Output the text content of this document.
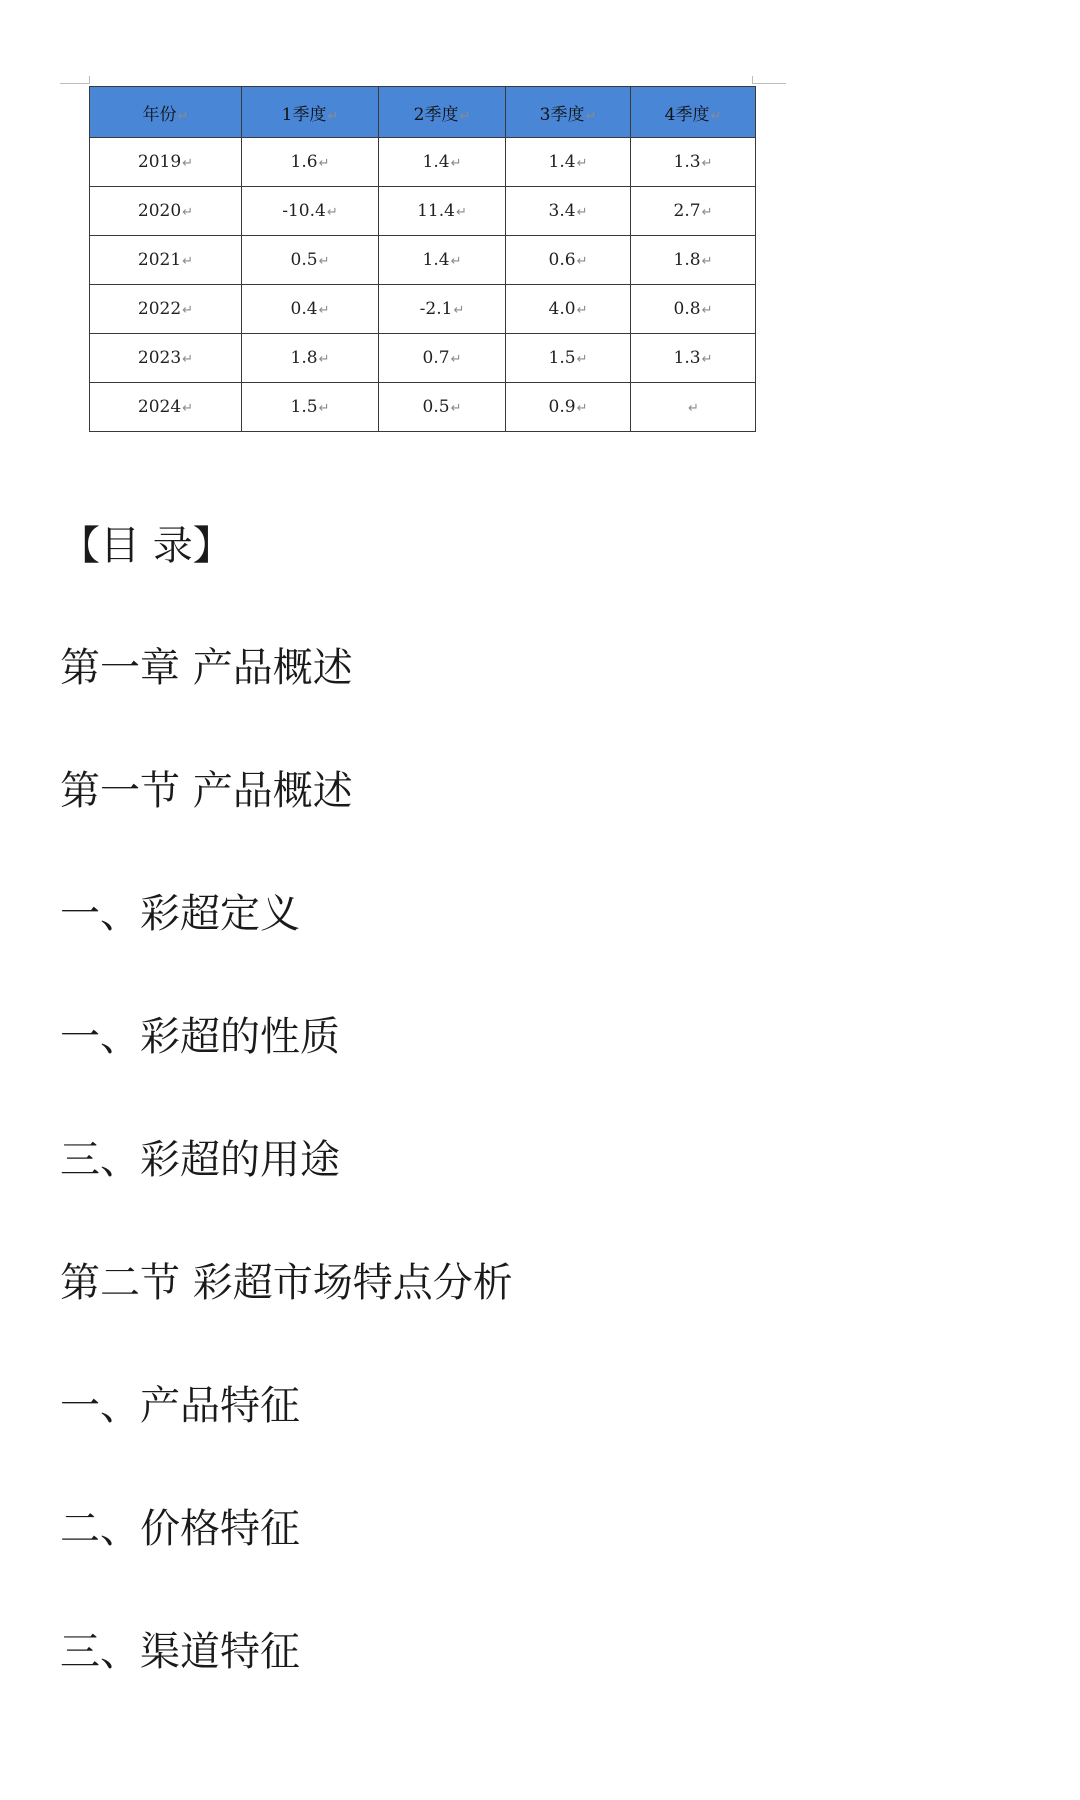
年份↵	1季度↵	2季度↵	3季度↵	4季度↵
2019↵	1.6↵	1.4↵	1.4↵	1.3↵
2020↵	-10.4↵	11.4↵	3.4↵	2.7↵
2021↵	0.5↵	1.4↵	0.6↵	1.8↵
2022↵	0.4↵	-2.1↵	4.0↵	0.8↵
2023↵	1.8↵	0.7↵	1.5↵	1.3↵
2024↵	1.5↵	0.5↵	0.9↵	↵
【目 录】

第一章 产品概述

第一节 产品概述

一、彩超定义

一、彩超的性质

三、彩超的用途

第二节 彩超市场特点分析

一、产品特征

二、价格特征

三、渠道特征
